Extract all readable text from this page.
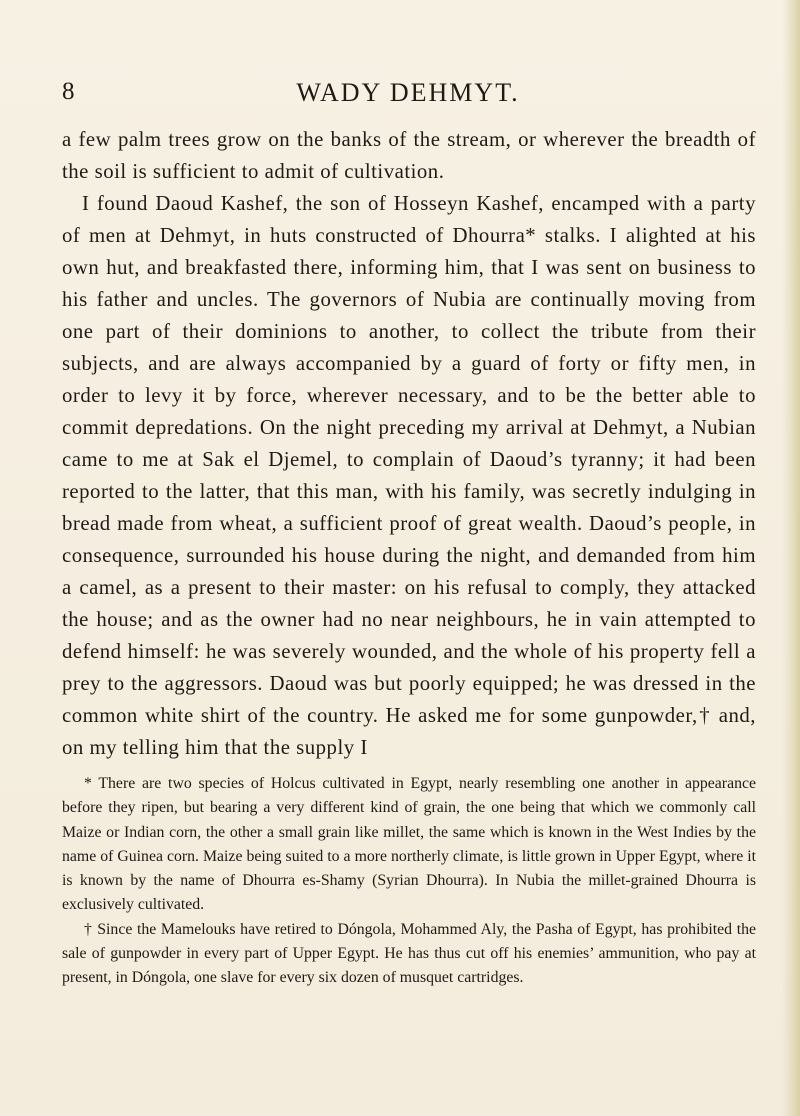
8	WADY DEHMYT.

a few palm trees grow on the banks of the stream, or wherever the breadth of the soil is sufficient to admit of cultivation.

I found Daoud Kashef, the son of Hosseyn Kashef, encamped with a party of men at Dehmyt, in huts constructed of Dhourra* stalks. I alighted at his own hut, and breakfasted there, informing him, that I was sent on business to his father and uncles. The governors of Nubia are continually moving from one part of their dominions to another, to collect the tribute from their subjects, and are always accompanied by a guard of forty or fifty men, in order to levy it by force, wherever necessary, and to be the better able to commit depredations. On the night preceding my arrival at Dehmyt, a Nubian came to me at Sak el Djemel, to complain of Daoud’s tyranny; it had been reported to the latter, that this man, with his family, was secretly indulging in bread made from wheat, a sufficient proof of great wealth. Daoud’s people, in consequence, surrounded his house during the night, and demanded from him a camel, as a present to their master: on his refusal to comply, they attacked the house; and as the owner had no near neighbours, he in vain attempted to defend himself: he was severely wounded, and the whole of his property fell a prey to the aggressors. Daoud was but poorly equipped; he was dressed in the common white shirt of the country. He asked me for some gunpowder,† and, on my telling him that the supply I

* There are two species of Holcus cultivated in Egypt, nearly resembling one another in appearance before they ripen, but bearing a very different kind of grain, the one being that which we commonly call Maize or Indian corn, the other a small grain like millet, the same which is known in the West Indies by the name of Guinea corn. Maize being suited to a more northerly climate, is little grown in Upper Egypt, where it is known by the name of Dhourra es-Shamy (Syrian Dhourra). In Nubia the millet-grained Dhourra is exclusively cultivated.

† Since the Mamelouks have retired to Dóngola, Mohammed Aly, the Pasha of Egypt, has prohibited the sale of gunpowder in every part of Upper Egypt. He has thus cut off his enemies’ ammunition, who pay at present, in Dóngola, one slave for every six dozen of musquet cartridges.
